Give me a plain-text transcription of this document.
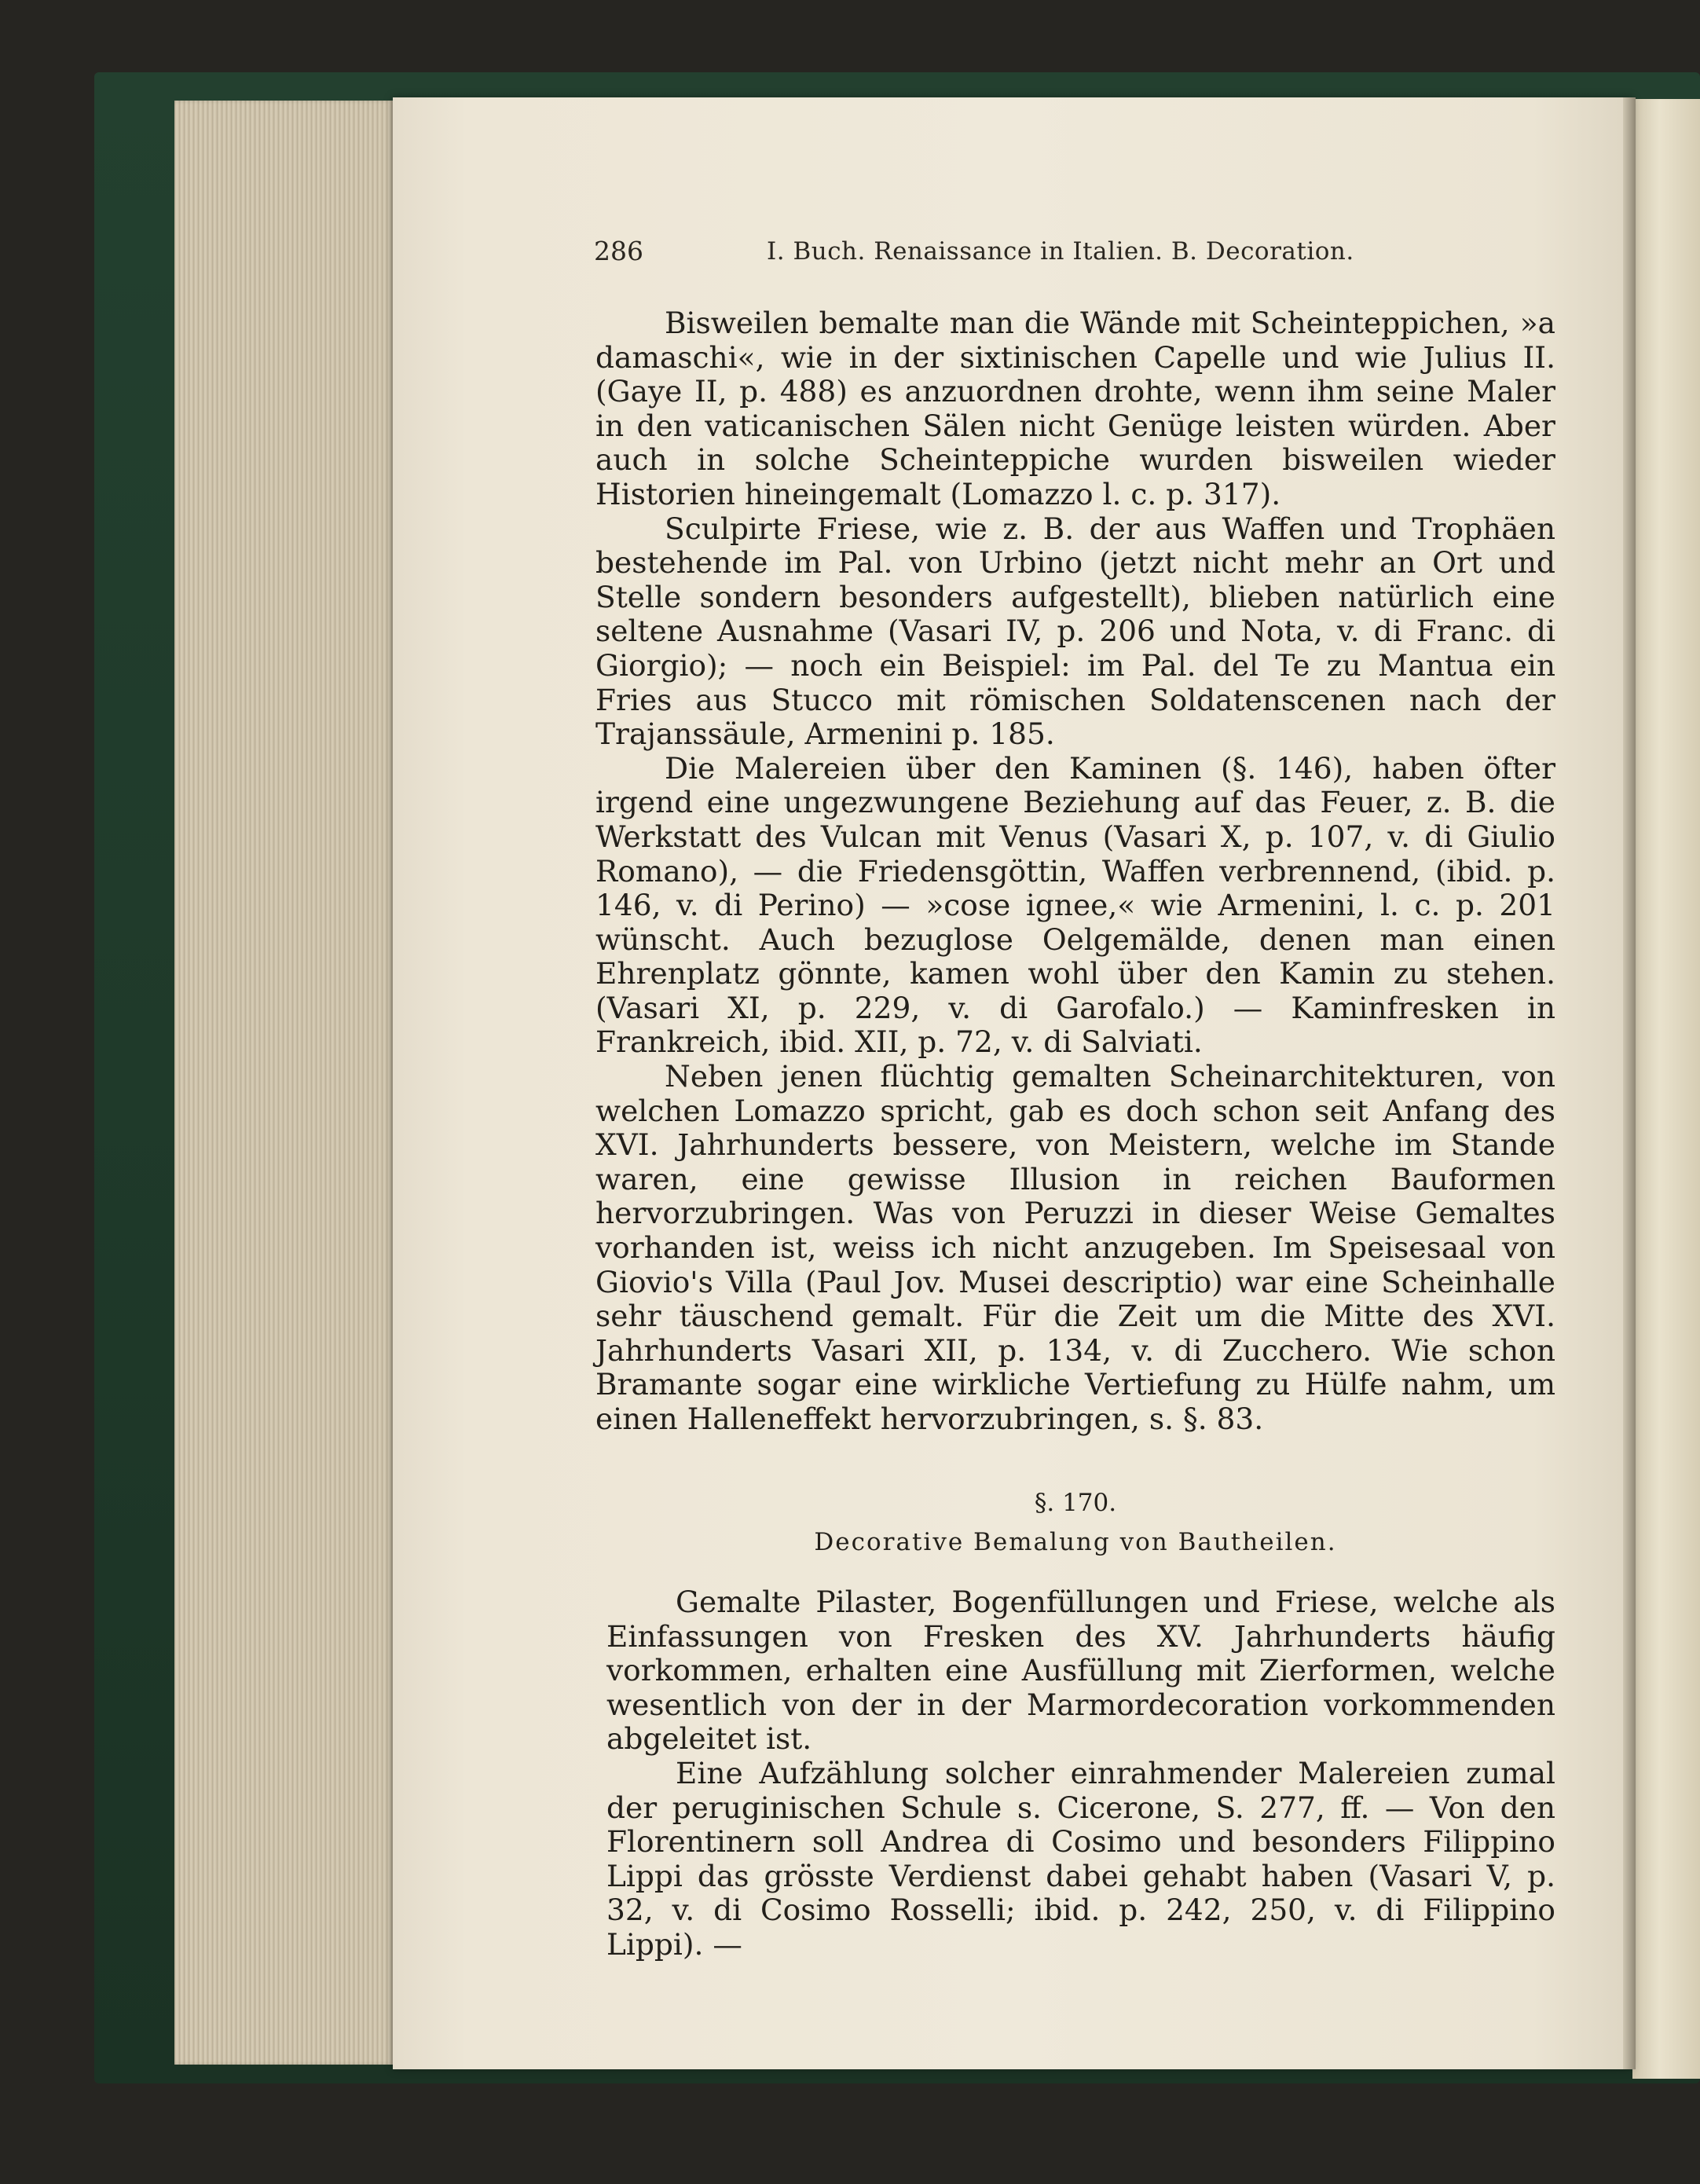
286	I. Buch. Renaissance in Italien. B. Decoration.

Bisweilen bemalte man die Wände mit Scheinteppichen, »a damaschi«, wie in der sixtinischen Capelle und wie Julius II. (Gaye II, p. 488) es anzuordnen drohte, wenn ihm seine Maler in den vaticanischen Sälen nicht Genüge leisten würden. Aber auch in solche Scheinteppiche wurden bisweilen wieder Historien hineingemalt (Lomazzo l. c. p. 317).

Sculpirte Friese, wie z. B. der aus Waffen und Trophäen bestehende im Pal. von Urbino (jetzt nicht mehr an Ort und Stelle sondern besonders aufgestellt), blieben natürlich eine seltene Ausnahme (Vasari IV, p. 206 und Nota, v. di Franc. di Giorgio); — noch ein Beispiel: im Pal. del Te zu Mantua ein Fries aus Stucco mit römischen Soldatenscenen nach der Trajanssäule, Armenini p. 185.

Die Malereien über den Kaminen (§. 146), haben öfter irgend eine ungezwungene Beziehung auf das Feuer, z. B. die Werkstatt des Vulcan mit Venus (Vasari X, p. 107, v. di Giulio Romano), — die Friedensgöttin, Waffen verbrennend, (ibid. p. 146, v. di Perino) — »cose ignee,« wie Armenini, l. c. p. 201 wünscht. Auch bezuglose Oelgemälde, denen man einen Ehrenplatz gönnte, kamen wohl über den Kamin zu stehen. (Vasari XI, p. 229, v. di Garofalo.) — Kaminfresken in Frankreich, ibid. XII, p. 72, v. di Salviati.

Neben jenen flüchtig gemalten Scheinarchitekturen, von welchen Lomazzo spricht, gab es doch schon seit Anfang des XVI. Jahrhunderts bessere, von Meistern, welche im Stande waren, eine gewisse Illusion in reichen Bauformen hervorzubringen. Was von Peruzzi in dieser Weise Gemaltes vorhanden ist, weiss ich nicht anzugeben. Im Speisesaal von Giovio's Villa (Paul Jov. Musei descriptio) war eine Scheinhalle sehr täuschend gemalt. Für die Zeit um die Mitte des XVI. Jahrhunderts Vasari XII, p. 134, v. di Zucchero. Wie schon Bramante sogar eine wirkliche Vertiefung zu Hülfe nahm, um einen Halleneffekt hervorzubringen, s. §. 83.

§. 170.
Decorative Bemalung von Bautheilen.

Gemalte Pilaster, Bogenfüllungen und Friese, welche als Einfassungen von Fresken des XV. Jahrhunderts häufig vorkommen, erhalten eine Ausfüllung mit Zierformen, welche wesentlich von der in der Marmordecoration vorkommenden abgeleitet ist.

Eine Aufzählung solcher einrahmender Malereien zumal der peruginischen Schule s. Cicerone, S. 277, ff. — Von den Florentinern soll Andrea di Cosimo und besonders Filippino Lippi das grösste Verdienst dabei gehabt haben (Vasari V, p. 32, v. di Cosimo Rosselli; ibid. p. 242, 250, v. di Filippino Lippi). —
